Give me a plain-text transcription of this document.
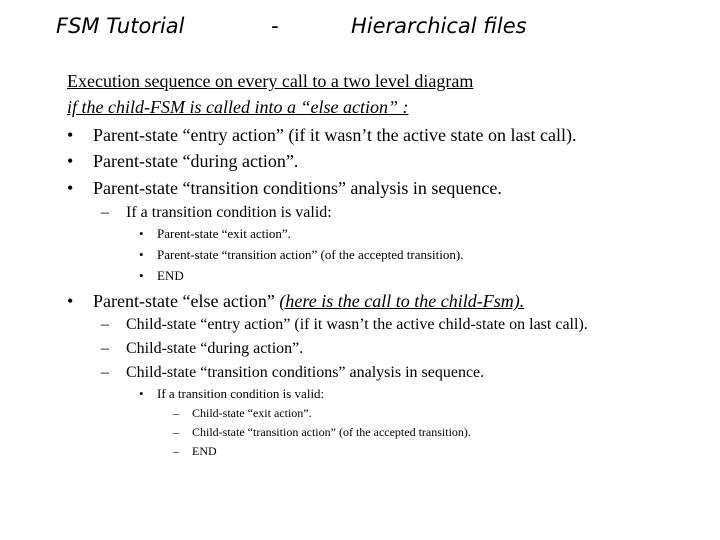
FSM Tutorial	-	Hierarchical files
Execution sequence on every call to a two level diagram
if the child-FSM is called into a “else action” :
• Parent-state “entry action” (if it wasn’t the active state on last call).
• Parent-state “during action”.
• Parent-state “transition conditions” analysis in sequence.
– If a transition condition is valid:
• Parent-state “exit action”.
• Parent-state “transition action” (of the accepted transition).
• END
• Parent-state “else action” (here is the call to the child-Fsm).
– Child-state “entry action” (if it wasn’t the active child-state on last call).
– Child-state “during action”.
– Child-state “transition conditions” analysis in sequence.
• If a transition condition is valid:
– Child-state “exit action”.
– Child-state “transition action” (of the accepted transition).
– END
